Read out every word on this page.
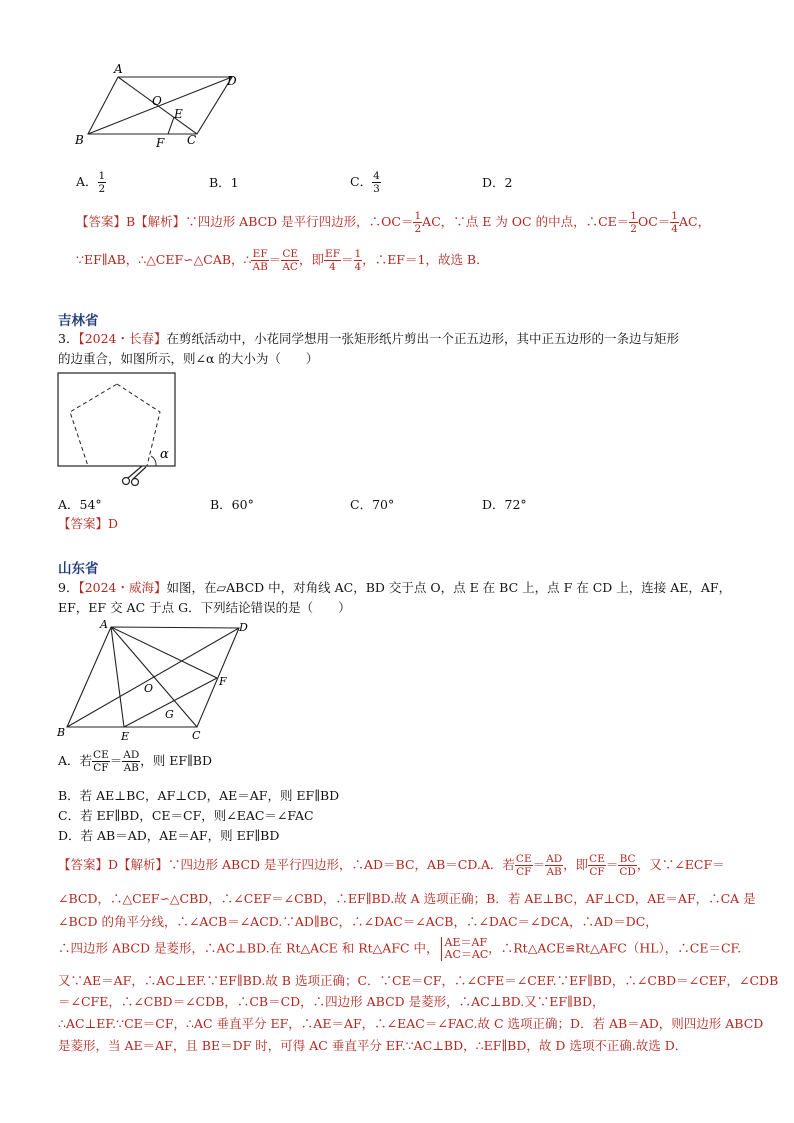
A
D
O
E
B	F C
A． $\frac{1}{2}$	B．1	C． $\frac{4}{3}$	D．2
【答案】B【解析】∵四边形 ABCD 是平行四边形，∴OC＝ $\frac{1}{2}$ AC，∵点 E 为 OC 的中点，∴CE＝ $\frac{1}{2} OC= \frac{1}{4}$ AC，
∵EF∥AB，∴△CEF∽△CAB，∴ $\frac{EF}{AB} = \frac{CE}{AC}$ ，即 $\frac{EF}{4} = \frac{1}{4}$ ，∴EF＝1，故选 B．
吉林省
3．【2024・长春】在剪纸活动中，小花同学想用一张矩形纸片剪出一个正五边形，其中正五边形的一条边与矩形
的边重合，如图所示，则∠α 的大小为（　　）
α
A．54°	B．60°	C．70°	D．72°
【答案】D
山东省
9．【2024・威海】如图，在▱ABCD 中，对角线 AC，BD 交于点 O，点 E 在 BC 上，点 F 在 CD 上，连接 AE，AF，
EF，EF 交 AC 于点 G．下列结论错误的是（　　）
A	D
O
F
G
B	E	C
A．若 $\frac{CE}{CF} = \frac{AD}{AB}$ ，则 EF∥BD
B．若 AE⊥BC，AF⊥CD，AE＝AF，则 EF∥BD
C．若 EF∥BD，CE＝CF，则∠EAC＝∠FAC
D．若 AB＝AD，AE＝AF，则 EF∥BD
【答案】D【解析】∵四边形 ABCD 是平行四边形，∴AD＝BC，AB＝CD.A．若 $\frac{CE}{CF} = \frac{AD}{AB}$ ，即 $\frac{CE}{CF} = \frac{BC}{CD}$ ，又∵∠ECF＝
∠BCD，∴△CEF∽△CBD，∴∠CEF＝∠CBD，∴EF∥BD.故 A 选项正确；B．若 AE⊥BC，AF⊥CD，AE＝AF，∴CA 是
∠BCD 的角平分线，∴∠ACB＝∠ACD.∵AD∥BC，∴∠DAC＝∠ACB，∴∠DAC＝∠DCA，∴AD＝DC，
∴四边形 ABCD 是菱形，∴AC⊥BD.在 Rt△ACE 和 Rt△AFC 中， AE＝AF
AC＝AC ，∴Rt△ACE≌Rt△AFC（HL），∴CE＝CF.
又∵AE＝AF，∴AC⊥EF.∵EF∥BD.故 B 选项正确；C．∵CE＝CF，∴∠CFE＝∠CEF.∵EF∥BD，∴∠CBD＝∠CEF，∠CDB
＝∠CFE，∴∠CBD＝∠CDB，∴CB＝CD，∴四边形 ABCD 是菱形，∴AC⊥BD.又∵EF∥BD，
∴AC⊥EF.∵CE＝CF，∴AC 垂直平分 EF，∴AE＝AF，∴∠EAC＝∠FAC.故 C 选项正确；D．若 AB＝AD，则四边形 ABCD
是菱形，当 AE＝AF，且 BE＝DF 时，可得 AC 垂直平分 EF.∵AC⊥BD，∴EF∥BD，故 D 选项不正确.故选 D．
